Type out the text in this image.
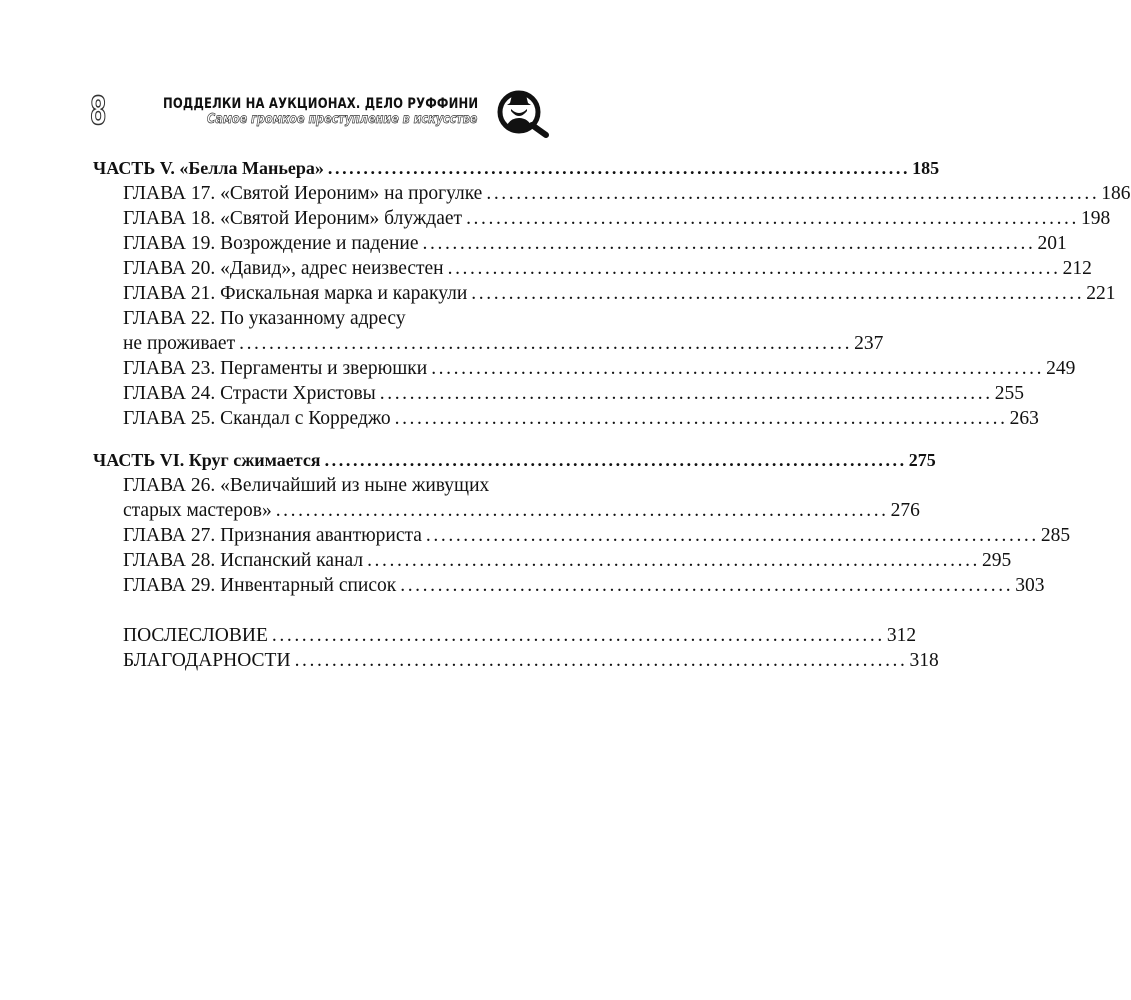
8	ПОДДЕЛКИ НА АУКЦИОНАХ. ДЕЛО РУФФИНИ
Самое громкое преступление в искусстве
ЧАСТЬ V. «Белла Маньера» .................................................................................. 185
ГЛАВА 17. «Святой Иероним» на прогулке .................................................................................. 186
ГЛАВА 18. «Святой Иероним» блуждает .................................................................................. 198
ГЛАВА 19. Возрождение и падение .................................................................................. 201
ГЛАВА 20. «Давид», адрес неизвестен .................................................................................. 212
ГЛАВА 21. Фискальная марка и каракули .................................................................................. 221
ГЛАВА 22. По указанному адресу
не проживает .................................................................................. 237
ГЛАВА 23. Пергаменты и зверюшки .................................................................................. 249
ГЛАВА 24. Страсти Христовы .................................................................................. 255
ГЛАВА 25. Скандал с Корреджо .................................................................................. 263
ЧАСТЬ VI. Круг сжимается .................................................................................. 275
ГЛАВА 26. «Величайший из ныне живущих
старых мастеров» .................................................................................. 276
ГЛАВА 27. Признания авантюриста .................................................................................. 285
ГЛАВА 28. Испанский канал .................................................................................. 295
ГЛАВА 29. Инвентарный список .................................................................................. 303
ПОСЛЕСЛОВИЕ .................................................................................. 312
БЛАГОДАРНОСТИ .................................................................................. 318
